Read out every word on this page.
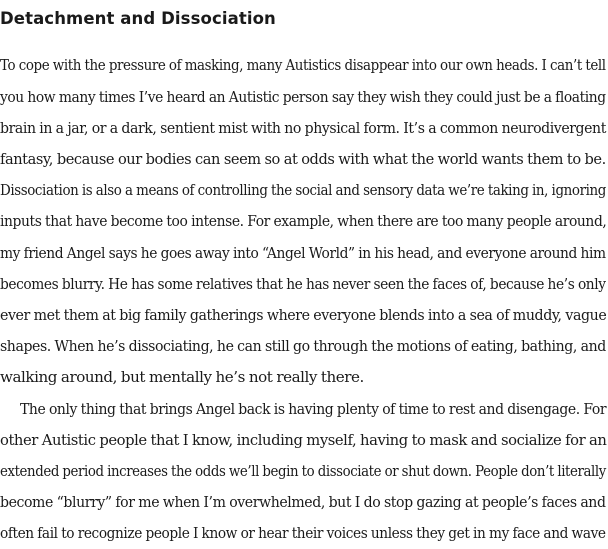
Detachment and Dissociation

To cope with the pressure of masking, many Autistics disappear into our own heads. I can’t tell

you how many times I’ve heard an Autistic person say they wish they could just be a floating

brain in a jar, or a dark, sentient mist with no physical form. It’s a common neurodivergent

fantasy, because our bodies can seem so at odds with what the world wants them to be.

Dissociation is also a means of controlling the social and sensory data we’re taking in, ignoring

inputs that have become too intense. For example, when there are too many people around,

my friend Angel says he goes away into “Angel World” in his head, and everyone around him

becomes blurry. He has some relatives that he has never seen the faces of, because he’s only

ever met them at big family gatherings where everyone blends into a sea of muddy, vague

shapes. When he’s dissociating, he can still go through the motions of eating, bathing, and

walking around, but mentally he’s not really there.

The only thing that brings Angel back is having plenty of time to rest and disengage. For

other Autistic people that I know, including myself, having to mask and socialize for an

extended period increases the odds we’ll begin to dissociate or shut down. People don’t literally

become “blurry” for me when I’m overwhelmed, but I do stop gazing at people’s faces and

often fail to recognize people I know or hear their voices unless they get in my face and wave
